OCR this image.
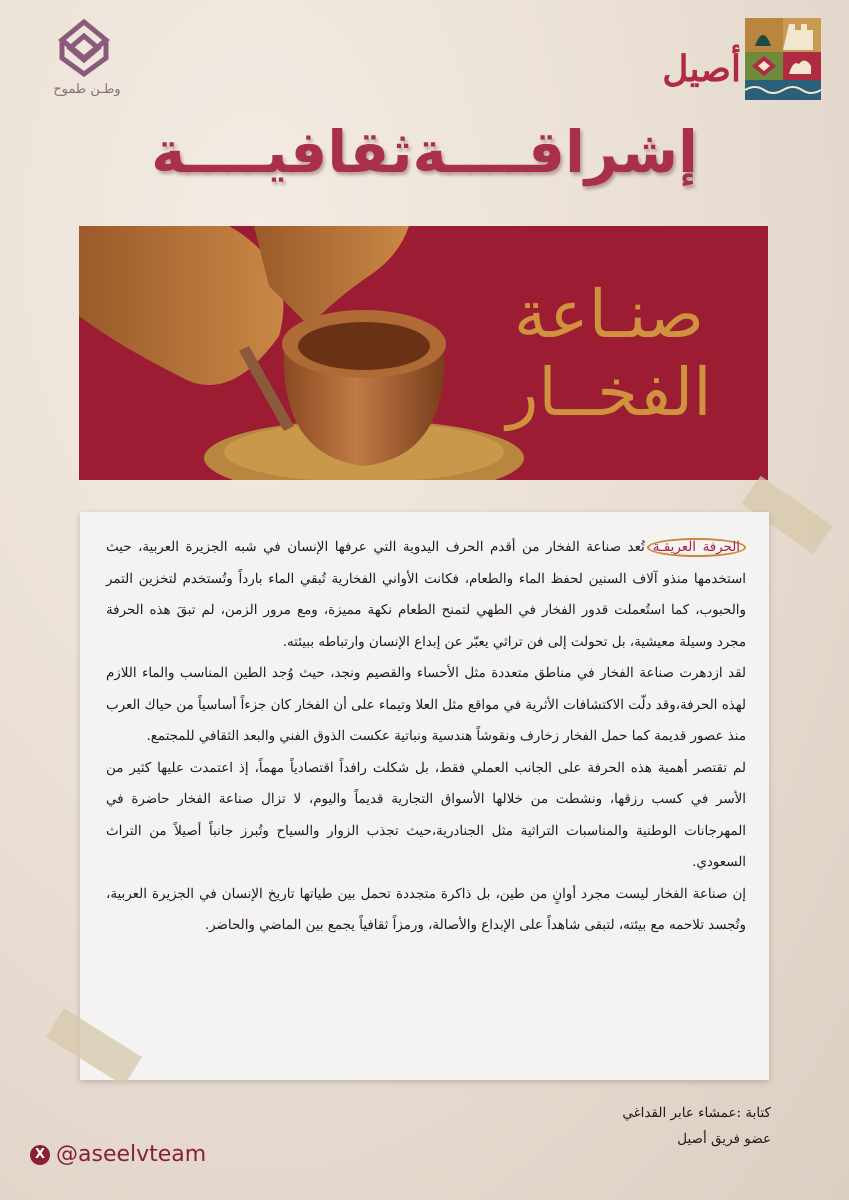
وطـن طموح	أصيل
إشراقــــةثقافيــــة
صنـاعة
الفخــار

الحرفة العريقـةتُعد صناعة الفخار من أقدم الحرف اليدوية التي عرفها الإنسان في شبه الجزيرة العربية، حيث استخدمها منذو آلاف السنين لحفظ الماء والطعام، فكانت الأواني الفخارية تُبقي الماء بارداً وتُستخدم لتخزين التمر والحبوب، كما استُعملت قدور الفخار في الطهي لتمنح الطعام نكهة مميزة، ومع مرور الزمن، لم تبقَ هذه الحرفة مجرد وسيلة معيشية، بل تحولت إلى فن تراثي يعبّر عن إبداع الإنسان وارتباطه ببيئته.

لقد ازدهرت صناعة الفخار في مناطق متعددة مثل الأحساء والقصيم ونجد، حيث وُجد الطين المناسب والماء اللازم لهذه الحرفة،وقد دلّت الاكتشافات الأثرية في مواقع مثل العلا وتيماء على أن الفخار كان جزءاً أساسياً من حياك العرب منذ عصور قديمة كما حمل الفخار زخارف ونقوشاً هندسية ونباتية عكست الذوق الفني والبعد الثقافي للمجتمع.

لم تقتصر أهمية هذه الحرفة على الجانب العملي فقط، بل شكلت رافداً اقتصادياً مهماً، إذ اعتمدت عليها كثير من الأسر في كسب رزقها، ونشطت من خلالها الأسواق التجارية قديماً واليوم، لا تزال صناعة الفخار حاضرة في المهرجانات الوطنية والمناسبات التراثية مثل الجنادرية،حيث تجذب الزوار والسياح وتُبرز جانباً أصيلاً من التراث السعودي.

إن صناعة الفخار ليست مجرد أوانٍ من طين، بل ذاكرة متجددة تحمل بين طياتها تاريخ الإنسان في الجزيرة العربية، وتُجسد تلاحمه مع بيئته، لتبقى شاهداً على الإبداع والأصالة، ورمزاً ثقافياً يجمع بين الماضي والحاضر.

كتابة :عمشاء عابر القداغي
عضو فريق أصيل
X @aseelvteam
